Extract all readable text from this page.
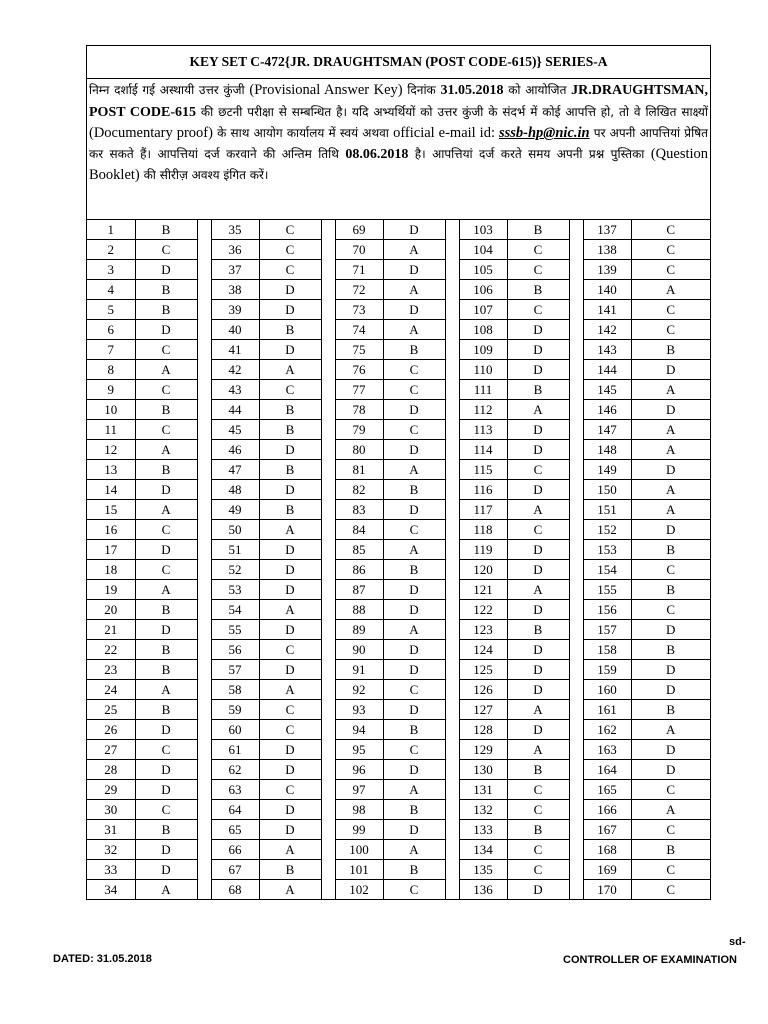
KEY SET C-472{JR. DRAUGHTSMAN (POST CODE-615)} SERIES-A
निम्न दर्शाई गई अस्थायी उत्तर कुंजी (Provisional Answer Key) दिनांक 31.05.2018 को आयोजित JR.DRAUGHTSMAN, POST CODE-615 की छटनी परीक्षा से सम्बन्धित है। यदि अभ्यर्थियों को उत्तर कुंजी के संदर्भ में कोई आपत्ति हो, तो वे लिखित साक्ष्यों (Documentary proof) के साथ आयोग कार्यालय में स्वयं अथवा official e-mail id: sssb-hp@nic.in पर अपनी आपत्तियां प्रेषित कर सकते हैं। आपत्तियां दर्ज करवाने की अन्तिम तिथि 08.06.2018 है। आपत्तियां दर्ज करते समय अपनी प्रश्न पुस्तिका (Question Booklet) की सीरीज़ अवश्य इंगित करें।
1	B		35	C		69	D		103	B		137	C
2	C		36	C		70	A		104	C		138	C
3	D		37	C		71	D		105	C		139	C
4	B		38	D		72	A		106	B		140	A
5	B		39	D		73	D		107	C		141	C
6	D		40	B		74	A		108	D		142	C
7	C		41	D		75	B		109	D		143	B
8	A		42	A		76	C		110	D		144	D
9	C		43	C		77	C		111	B		145	A
10	B		44	B		78	D		112	A		146	D
11	C		45	B		79	C		113	D		147	A
12	A		46	D		80	D		114	D		148	A
13	B		47	B		81	A		115	C		149	D
14	D		48	D		82	B		116	D		150	A
15	A		49	B		83	D		117	A		151	A
16	C		50	A		84	C		118	C		152	D
17	D		51	D		85	A		119	D		153	B
18	C		52	D		86	B		120	D		154	C
19	A		53	D		87	D		121	A		155	B
20	B		54	A		88	D		122	D		156	C
21	D		55	D		89	A		123	B		157	D
22	B		56	C		90	D		124	D		158	B
23	B		57	D		91	D		125	D		159	D
24	A		58	A		92	C		126	D		160	D
25	B		59	C		93	D		127	A		161	B
26	D		60	C		94	B		128	D		162	A
27	C		61	D		95	C		129	A		163	D
28	D		62	D		96	D		130	B		164	D
29	D		63	C		97	A		131	C		165	C
30	C		64	D		98	B		132	C		166	A
31	B		65	D		99	D		133	B		167	C
32	D		66	A		100	A		134	C		168	B
33	D		67	B		101	B		135	C		169	C
34	A		68	A		102	C		136	D		170	C
DATED: 31.05.2018
sd-
CONTROLLER OF EXAMINATION
